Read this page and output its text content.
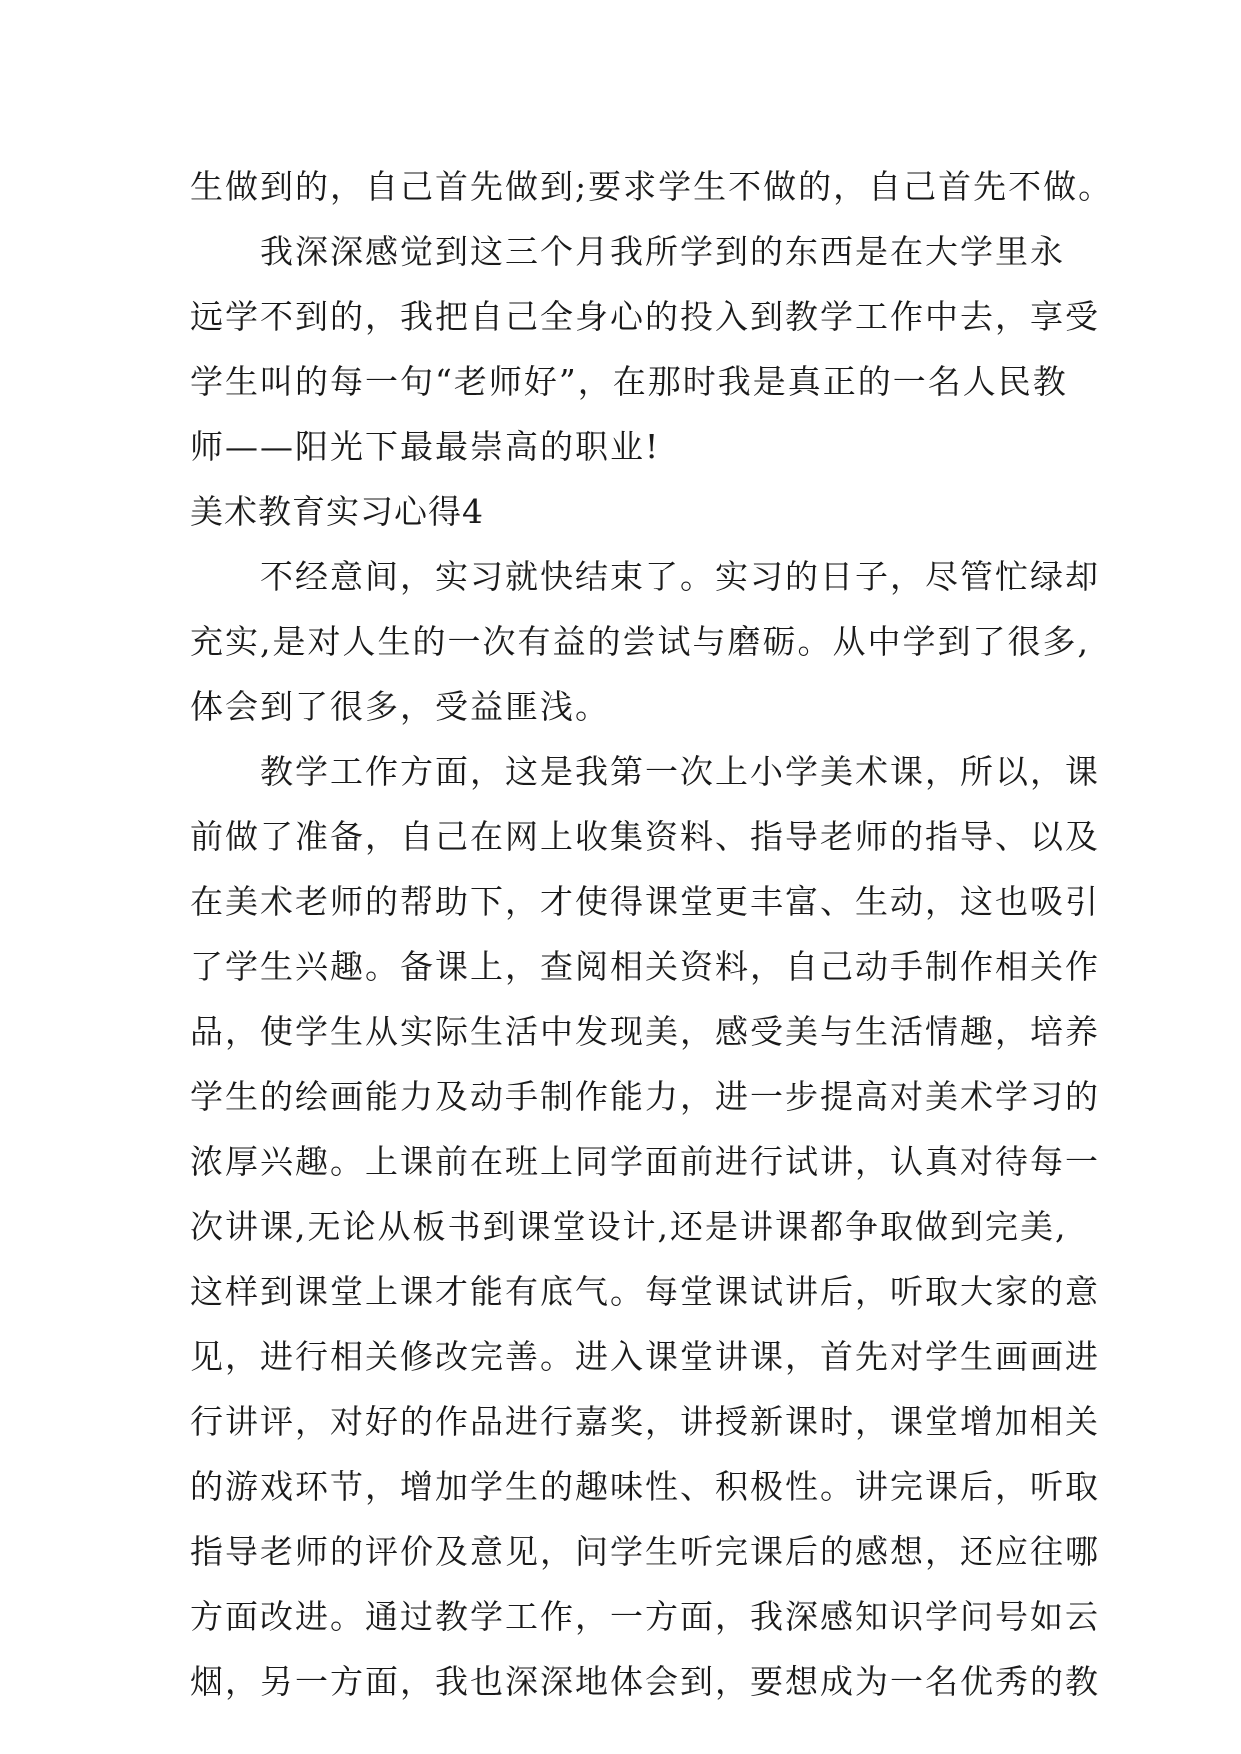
生做到的，自己首先做到;要求学生不做的，自己首先不做。
我深深感觉到这三个月我所学到的东西是在大学里永
远学不到的，我把自己全身心的投入到教学工作中去，享受
学生叫的每一句“老师好”，在那时我是真正的一名人民教
师——阳光下最最崇高的职业!
美术教育实习心得4
不经意间，实习就快结束了。实习的日子，尽管忙绿却
充实,是对人生的一次有益的尝试与磨砺。从中学到了很多,
体会到了很多，受益匪浅。
教学工作方面，这是我第一次上小学美术课，所以，课
前做了准备，自己在网上收集资料、指导老师的指导、以及
在美术老师的帮助下，才使得课堂更丰富、生动，这也吸引
了学生兴趣。备课上，查阅相关资料，自己动手制作相关作
品，使学生从实际生活中发现美，感受美与生活情趣，培养
学生的绘画能力及动手制作能力，进一步提高对美术学习的
浓厚兴趣。上课前在班上同学面前进行试讲，认真对待每一
次讲课,无论从板书到课堂设计,还是讲课都争取做到完美,
这样到课堂上课才能有底气。每堂课试讲后，听取大家的意
见，进行相关修改完善。进入课堂讲课，首先对学生画画进
行讲评，对好的作品进行嘉奖，讲授新课时，课堂增加相关
的游戏环节，增加学生的趣味性、积极性。讲完课后，听取
指导老师的评价及意见，问学生听完课后的感想，还应往哪
方面改进。通过教学工作，一方面，我深感知识学问号如云
烟，另一方面，我也深深地体会到，要想成为一名优秀的教
